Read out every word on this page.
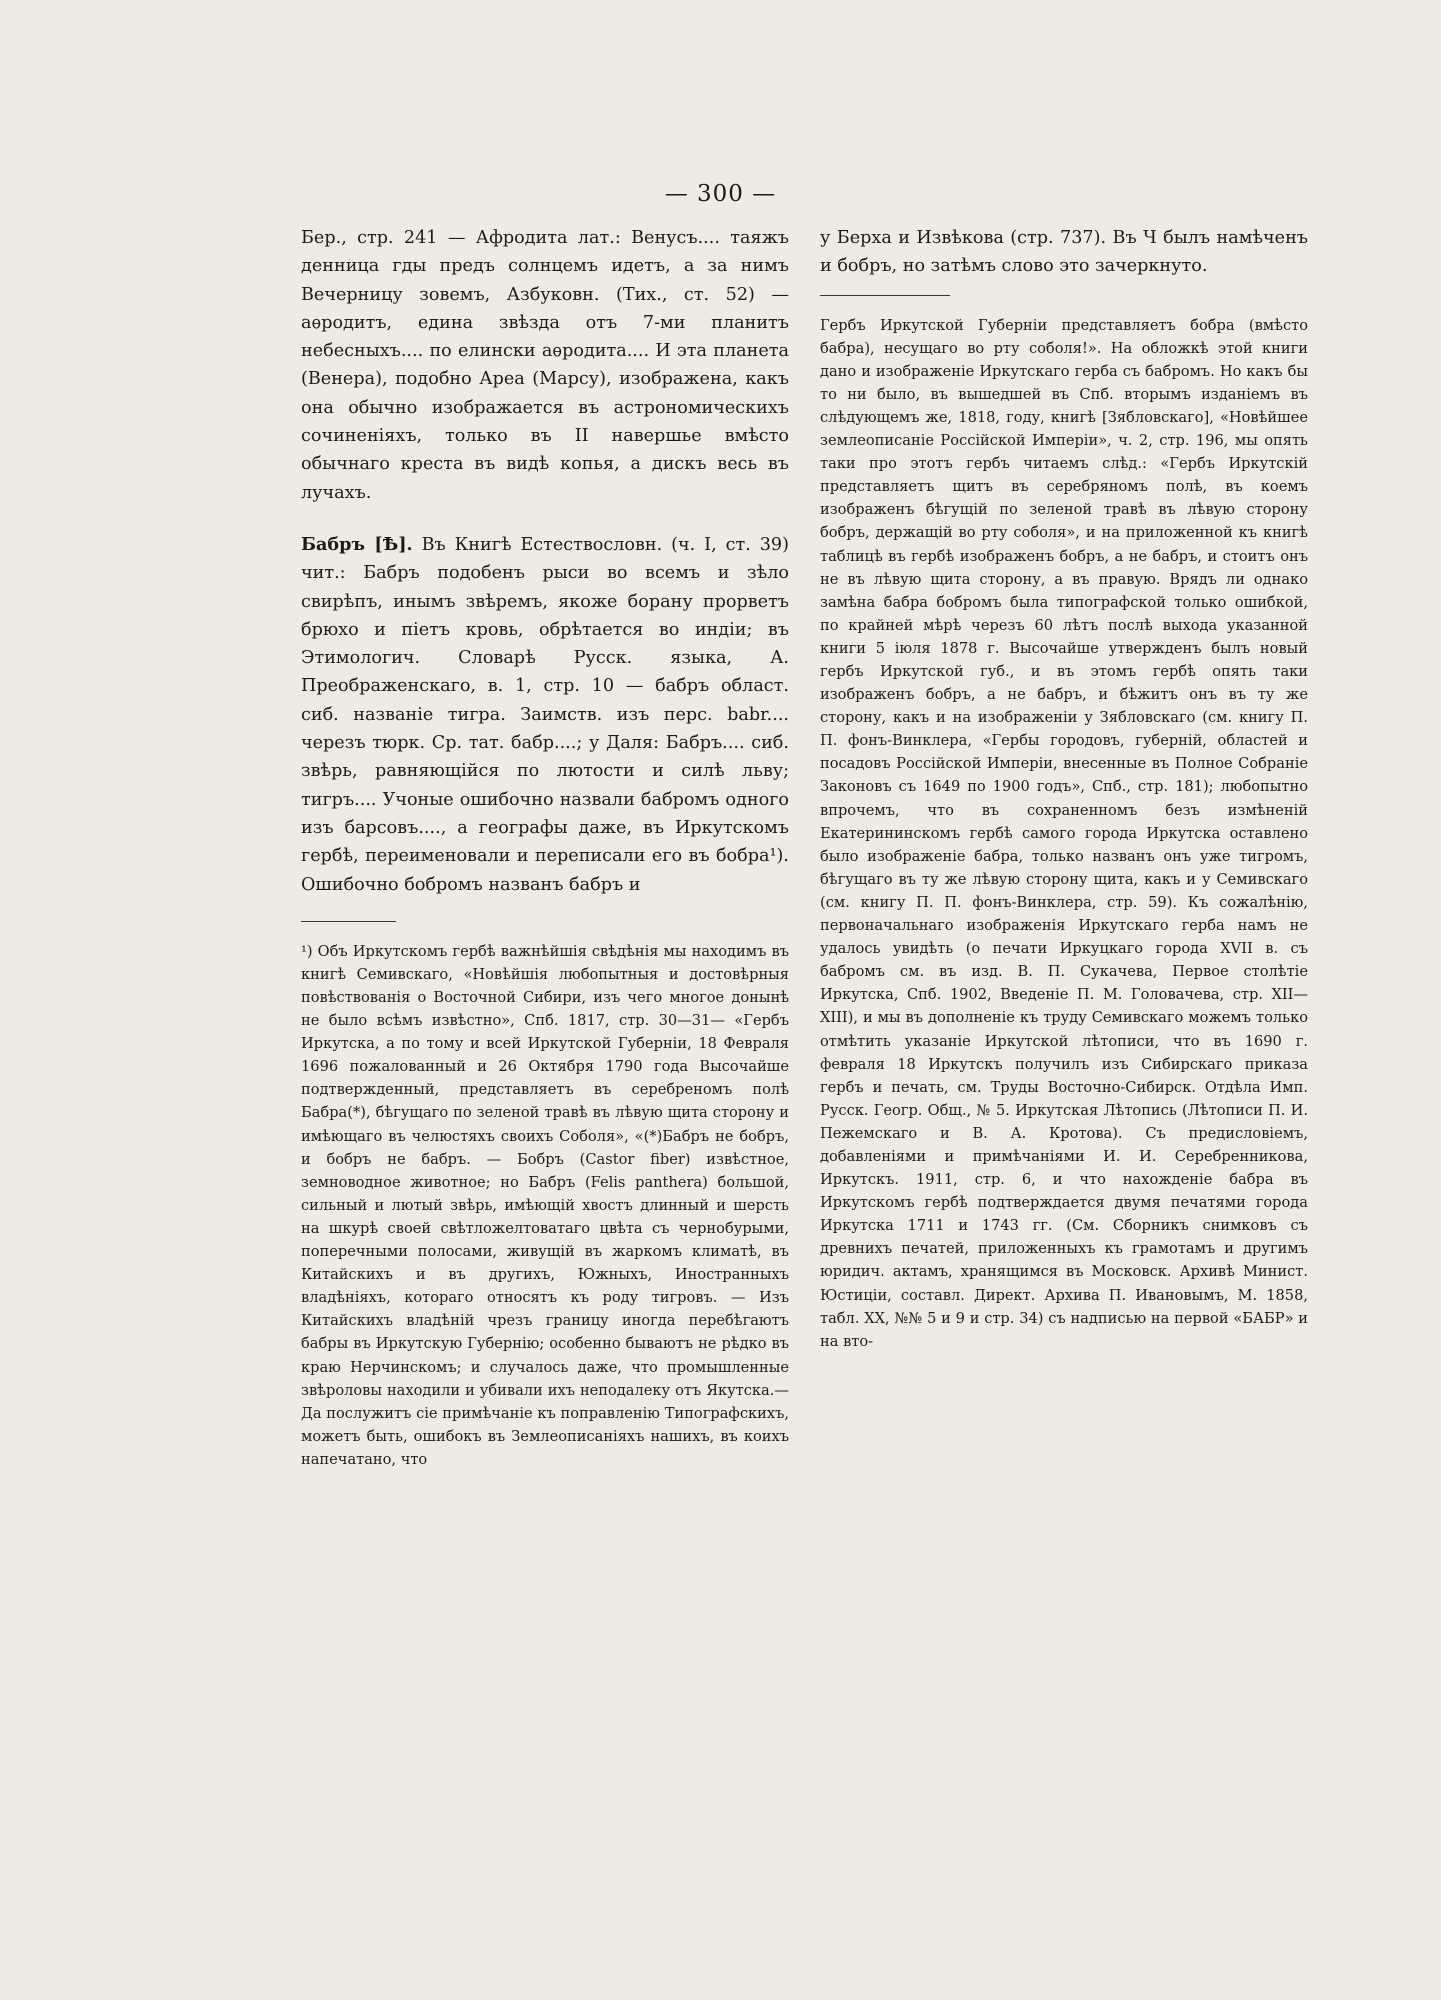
— 300 —

Бер., стр. 241 — Афродита лат.: Венусъ.... таяжъ денница гды предъ солнцемъ идетъ, а за нимъ Вечерницу зовемъ, Азбуковн. (Тих., ст. 52) — аѳродитъ, едина звѣзда отъ 7-ми планитъ небесныхъ.... по елински аѳродита.... И эта планета (Венера), подобно Ареа (Марсу), изображена, какъ она обычно изображается въ астрономическихъ сочиненіяхъ, только въ II навершье вмѣсто обычнаго креста въ видѣ копья, а дискъ весь въ лучахъ.

Бабръ [Ѣ]. Въ Книгѣ Естествословн. (ч. I, ст. 39) чит.: Бабръ подобенъ рыси во всемъ и зѣло свирѣпъ, инымъ звѣремъ, якоже борану прорветъ брюхо и піетъ кровь, обрѣтается во индіи; въ Этимологич. Словарѣ Русск. языка, А. Преображенскаго, в. 1, стр. 10 — бабръ област. сиб. названіе тигра. Заимств. изъ перс. babr.... черезъ тюрк. Ср. тат. бабр....; у Даля: Бабръ.... сиб. звѣрь, равняющійся по лютости и силѣ льву; тигръ.... Учоные ошибочно назвали бабромъ одного изъ барсовъ...., а географы даже, въ Иркутскомъ гербѣ, переименовали и переписали его въ бобра¹). Ошибочно бобромъ названъ бабръ и

¹) Объ Иркутскомъ гербѣ важнѣйшія свѣдѣнія мы находимъ въ книгѣ Семивскаго, «Новѣйшія любопытныя и достовѣрныя повѣствованія о Восточной Сибири, изъ чего многое донынѣ не было всѣмъ извѣстно», Спб. 1817, стр. 30—31— «Гербъ Иркутска, а по тому и всей Иркутской Губерніи, 18 Февраля 1696 пожалованный и 26 Октября 1790 года Высочайше подтвержденный, представляетъ въ серебреномъ полѣ Бабра(*), бѣгущаго по зеленой травѣ въ лѣвую щита сторону и имѣющаго въ челюстяхъ своихъ Соболя», «(*)Бабръ не бобръ, и бобръ не бабръ. — Бобръ (Castor fiber) извѣстное, земноводное животное; но Бабръ (Felis panthera) большой, сильный и лютый звѣрь, имѣющій хвостъ длинный и шерсть на шкурѣ своей свѣтложелтоватаго цвѣта съ чернобурыми, поперечными полосами, живущій въ жаркомъ климатѣ, въ Китайскихъ и въ другихъ, Южныхъ, Иностранныхъ владѣніяхъ, котораго относятъ къ роду тигровъ. — Изъ Китайскихъ владѣній чрезъ границу иногда перебѣгаютъ бабры въ Иркутскую Губернію; особенно бываютъ не рѣдко въ краю Нерчинскомъ; и случалось даже, что промышленные звѣроловы находили и убивали ихъ неподалеку отъ Якутска.— Да послужитъ сіе примѣчаніе къ поправленію Типографскихъ, можетъ быть, ошибокъ въ Землеописаніяхъ нашихъ, въ коихъ напечатано, что

у Берха и Извѣкова (стр. 737). Въ Ч былъ намѣченъ и бобръ, но затѣмъ слово это зачеркнуто.

Гербъ Иркутской Губерніи представляетъ бобра (вмѣсто бабра), несущаго во рту соболя!». На обложкѣ этой книги дано и изображеніе Иркутскаго герба съ бабромъ. Но какъ бы то ни было, въ вышедшей въ Спб. вторымъ изданіемъ въ слѣдующемъ же, 1818, году, книгѣ [Зябловскаго], «Новѣйшее землеописаніе Россійской Имперіи», ч. 2, стр. 196, мы опять таки про этотъ гербъ читаемъ слѣд.: «Гербъ Иркутскій представляетъ щитъ въ серебряномъ полѣ, въ коемъ изображенъ бѣгущій по зеленой травѣ въ лѣвую сторону бобръ, держащій во рту соболя», и на приложенной къ книгѣ таблицѣ въ гербѣ изображенъ бобръ, а не бабръ, и стоитъ онъ не въ лѣвую щита сторону, а въ правую. Врядъ ли однако замѣна бабра бобромъ была типографской только ошибкой, по крайней мѣрѣ черезъ 60 лѣтъ послѣ выхода указанной книги 5 іюля 1878 г. Высочайше утвержденъ былъ новый гербъ Иркутской губ., и въ этомъ гербѣ опять таки изображенъ бобръ, а не бабръ, и бѣжитъ онъ въ ту же сторону, какъ и на изображеніи у Зябловскаго (см. книгу П. П. фонъ-Винклера, «Гербы городовъ, губерній, областей и посадовъ Россійской Имперіи, внесенные въ Полное Собраніе Законовъ съ 1649 по 1900 годъ», Спб., стр. 181); любопытно впрочемъ, что въ сохраненномъ безъ измѣненій Екатерининскомъ гербѣ самого города Иркутска оставлено было изображеніе бабра, только названъ онъ уже тигромъ, бѣгущаго въ ту же лѣвую сторону щита, какъ и у Семивскаго (см. книгу П. П. фонъ-Винклера, стр. 59). Къ сожалѣнію, первоначальнаго изображенія Иркутскаго герба намъ не удалось увидѣть (о печати Иркуцкаго города XVII в. съ бабромъ см. въ изд. В. П. Сукачева, Первое столѣтіе Иркутска, Спб. 1902, Введеніе П. М. Головачева, стр. XII—XIII), и мы въ дополненіе къ труду Семивскаго можемъ только отмѣтить указаніе Иркутской лѣтописи, что въ 1690 г. февраля 18 Иркутскъ получилъ изъ Сибирскаго приказа гербъ и печать, см. Труды Восточно-Сибирск. Отдѣла Имп. Русск. Геогр. Общ., № 5. Иркутская Лѣтопись (Лѣтописи П. И. Пежемскаго и В. А. Кротова). Съ предисловіемъ, добавленіями и примѣчаніями И. И. Серебренникова, Иркутскъ. 1911, стр. 6, и что нахожденіе бабра въ Иркутскомъ гербѣ подтверждается двумя печатями города Иркутска 1711 и 1743 гг. (См. Сборникъ снимковъ съ древнихъ печатей, приложенныхъ къ грамотамъ и другимъ юридич. актамъ, хранящимся въ Московск. Архивѣ Минист. Юстиціи, составл. Директ. Архива П. Ивановымъ, М. 1858, табл. XX, №№ 5 и 9 и стр. 34) съ надписью на первой «БАБР» и на вто-
